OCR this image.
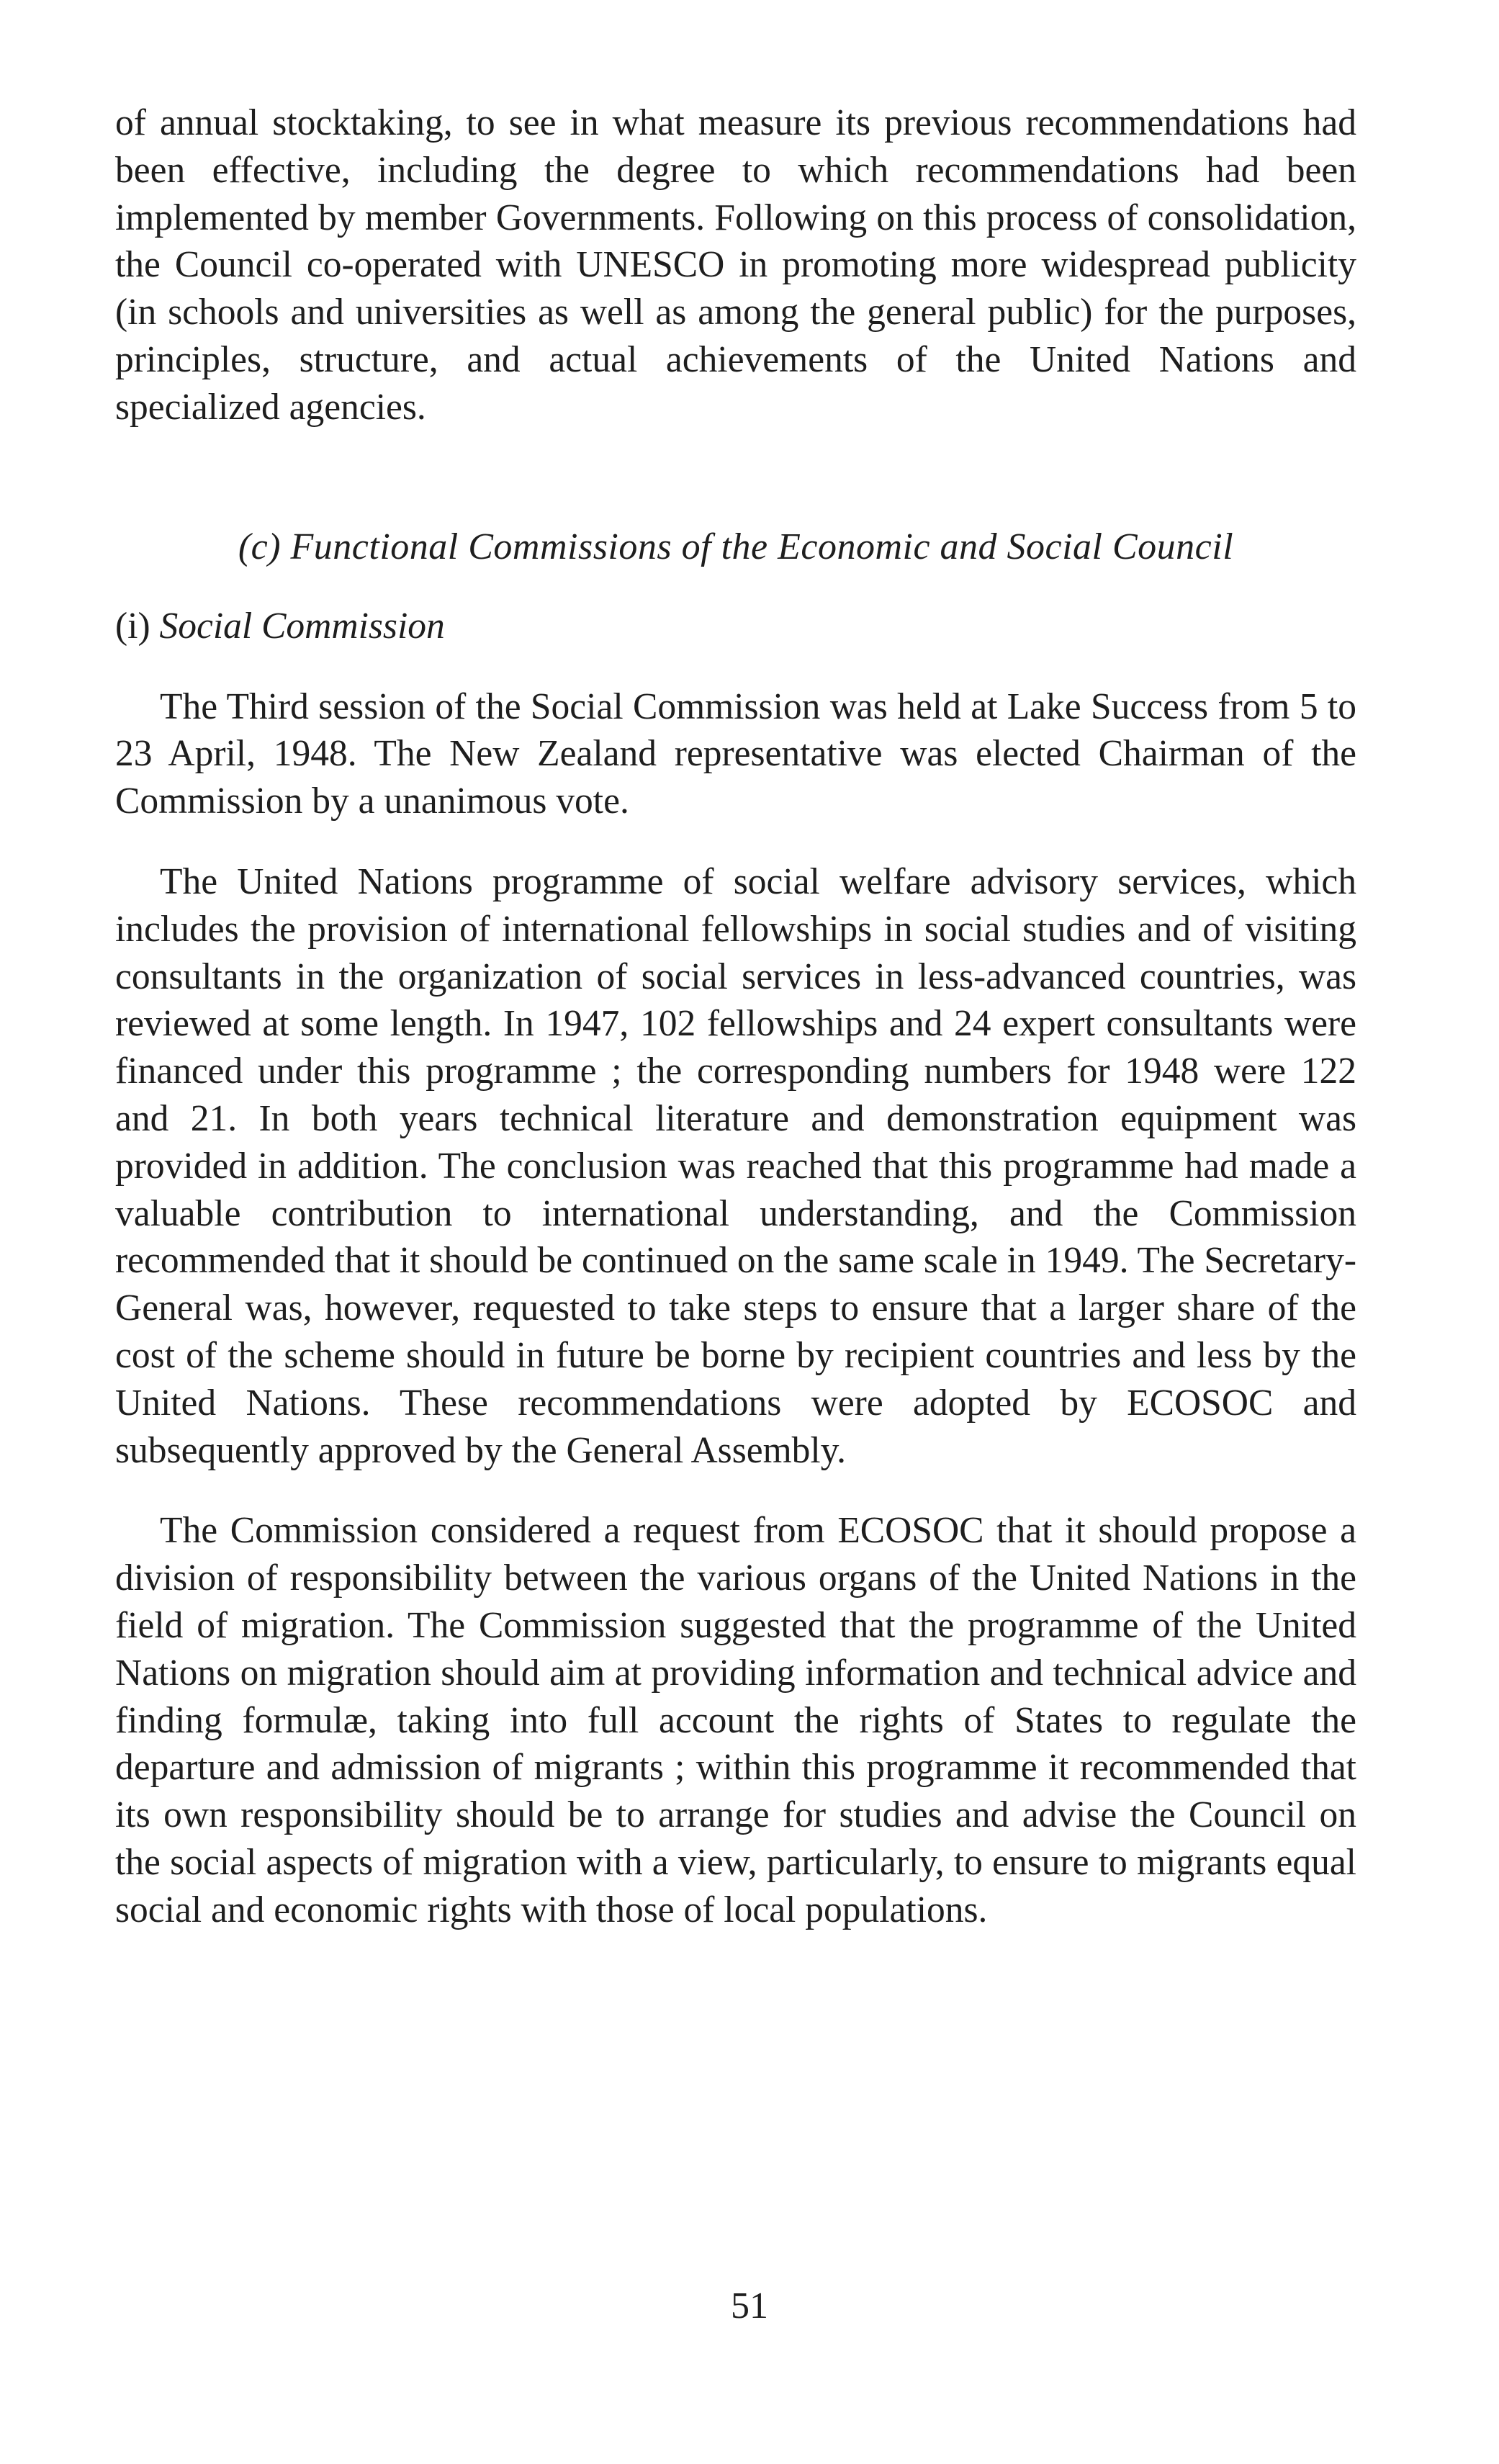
of annual stocktaking, to see in what measure its previous recommendations had been effective, including the degree to which recommendations had been implemented by member Governments. Following on this process of consolidation, the Council co-operated with UNESCO in promoting more widespread publicity (in schools and universities as well as among the general public) for the purposes, principles, structure, and actual achievements of the United Nations and specialized agencies.

(c) Functional Commissions of the Economic and Social Council
(i) Social Commission

The Third session of the Social Commission was held at Lake Success from 5 to 23 April, 1948. The New Zealand representative was elected Chairman of the Commission by a unanimous vote.

The United Nations programme of social welfare advisory services, which includes the provision of international fellowships in social studies and of visiting consultants in the organization of social services in less-advanced countries, was reviewed at some length. In 1947, 102 fellowships and 24 expert consultants were financed under this programme ; the corresponding numbers for 1948 were 122 and 21. In both years technical literature and demonstration equipment was provided in addition. The conclusion was reached that this programme had made a valuable contribution to international understanding, and the Commission recommended that it should be continued on the same scale in 1949. The Secretary-General was, however, requested to take steps to ensure that a larger share of the cost of the scheme should in future be borne by recipient countries and less by the United Nations. These recommendations were adopted by ECOSOC and subsequently approved by the General Assembly.

The Commission considered a request from ECOSOC that it should propose a division of responsibility between the various organs of the United Nations in the field of migration. The Commission suggested that the programme of the United Nations on migration should aim at providing information and technical advice and finding formulæ, taking into full account the rights of States to regulate the departure and admission of migrants ; within this programme it recommended that its own responsibility should be to arrange for studies and advise the Council on the social aspects of migration with a view, particularly, to ensure to migrants equal social and economic rights with those of local populations.

51
